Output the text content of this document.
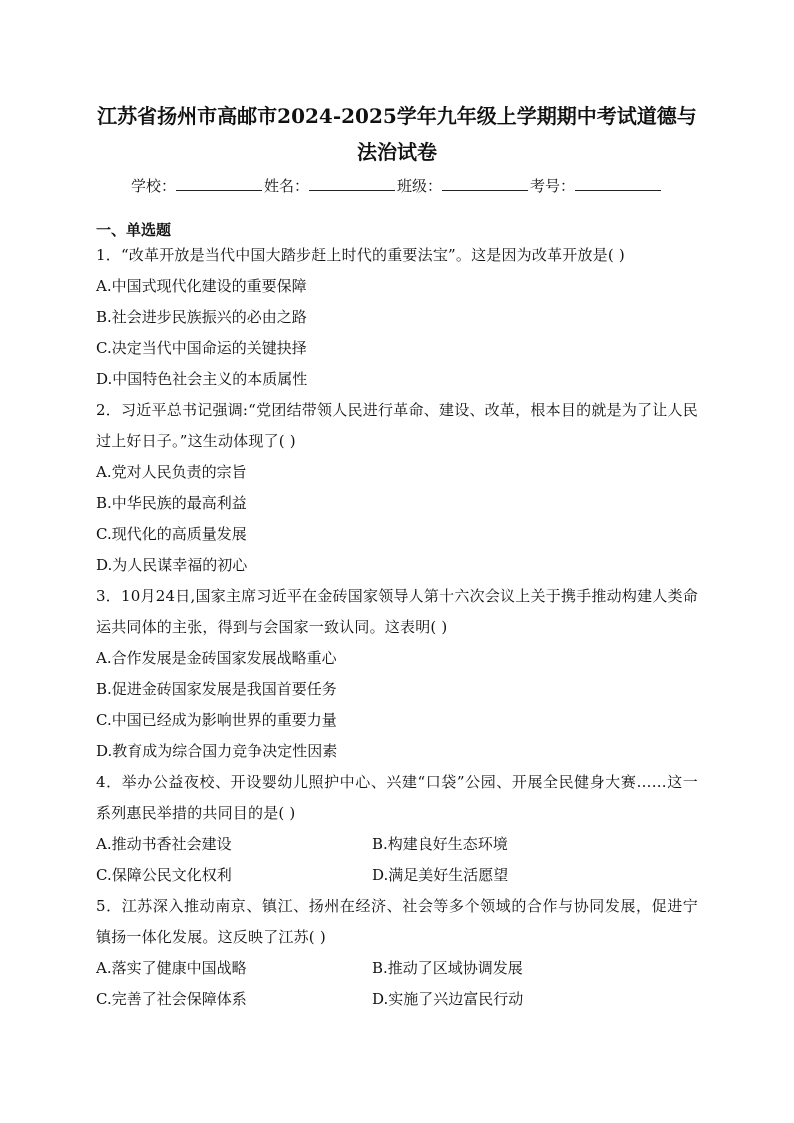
江苏省扬州市高邮市2024-2025学年九年级上学期期中考试道德与法治试卷
学校：	姓名：	班级：	考号：
一、单选题
1．“改革开放是当代中国大踏步赶上时代的重要法宝”。这是因为改革开放是( )
A.中国式现代化建设的重要保障
B.社会进步民族振兴的必由之路
C.决定当代中国命运的关键抉择
D.中国特色社会主义的本质属性
2．习近平总书记强调:“党团结带领人民进行革命、建设、改革，根本目的就是为了让人民过上好日子。”这生动体现了( )
A.党对人民负责的宗旨
B.中华民族的最高利益
C.现代化的高质量发展
D.为人民谋幸福的初心
3．10月24日,国家主席习近平在金砖国家领导人第十六次会议上关于携手推动构建人类命运共同体的主张，得到与会国家一致认同。这表明( )
A.合作发展是金砖国家发展战略重心
B.促进金砖国家发展是我国首要任务
C.中国已经成为影响世界的重要力量
D.教育成为综合国力竞争决定性因素
4．举办公益夜校、开设婴幼儿照护中心、兴建“口袋”公园、开展全民健身大赛……这一系列惠民举措的共同目的是( )
A.推动书香社会建设	B.构建良好生态环境
C.保障公民文化权利	D.满足美好生活愿望
5．江苏深入推动南京、镇江、扬州在经济、社会等多个领域的合作与协同发展，促进宁镇扬一体化发展。这反映了江苏( )
A.落实了健康中国战略	B.推动了区域协调发展
C.完善了社会保障体系	D.实施了兴边富民行动
